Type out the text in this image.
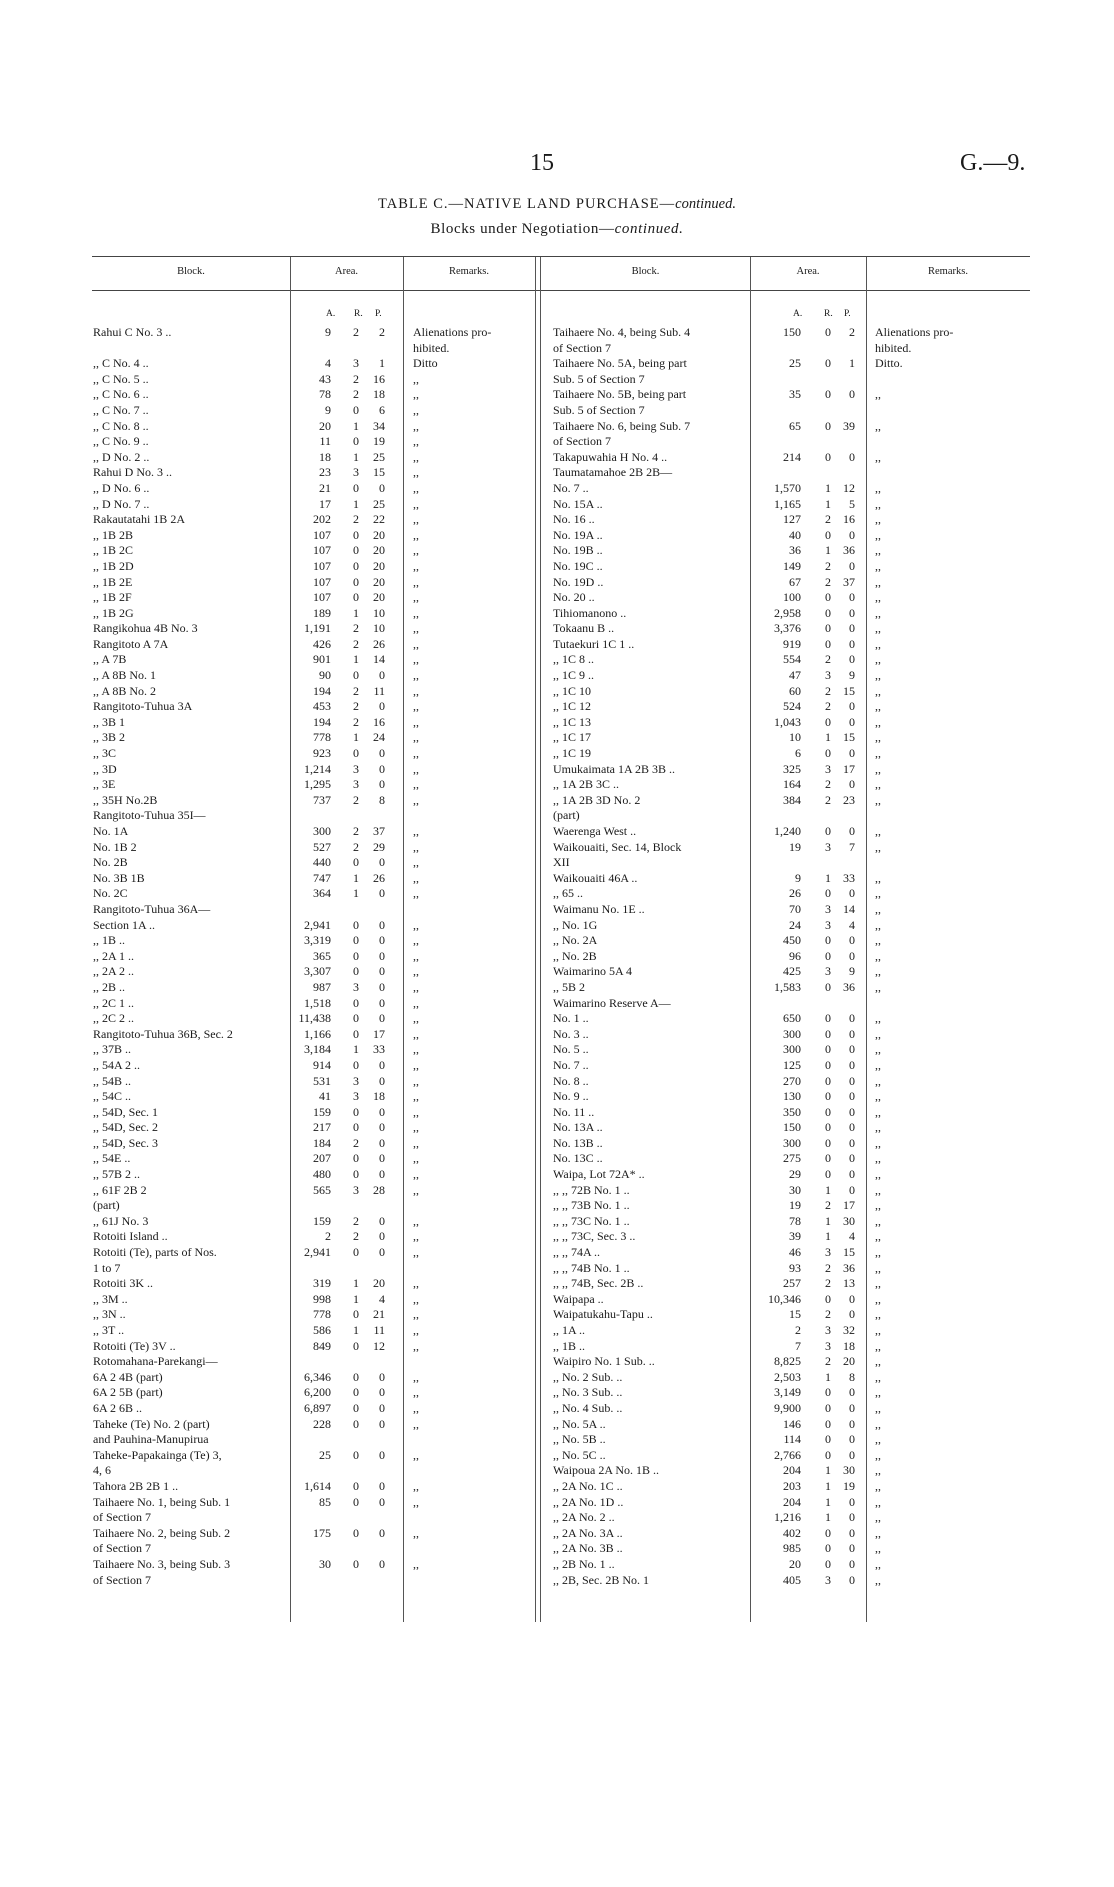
15	G.—9.
TABLE C.—NATIVE LAND PURCHASE—continued.
Blocks under Negotiation—continued.
Block.	Area.	Remarks.	Block.	Area.	Remarks.
A. R. P.	A. R. P.
Rahui C No. 3 ..	9	2	2 Alienations pro-
hibited.
,, C No. 4 ..	4	3	1 Ditto
,, C No. 5 ..	43	2	16 ,,
,, C No. 6 ..	78	2	18 ,,
,, C No. 7 ..	9	0	6 ,,
,, C No. 8 ..	20	1	34 ,,
,, C No. 9 ..	11	0	19 ,,
,, D No. 2 ..	18	1	25 ,,
Rahui D No. 3 ..	23	3	15 ,,
,, D No. 6 ..	21	0	0 ,,
,, D No. 7 ..	17	1	25 ,,
Rakautatahi 1B 2A	202	2	22 ,,
,, 1B 2B	107	0	20 ,,
,, 1B 2C	107	0	20 ,,
,, 1B 2D	107	0	20 ,,
,, 1B 2E	107	0	20 ,,
,, 1B 2F	107	0	20 ,,
,, 1B 2G	189	1	10 ,,
Rangikohua 4B No. 3	1,191	2	10 ,,
Rangitoto A 7A	426	2	26 ,,
,, A 7B	901	1	14 ,,
,, A 8B No. 1	90	0	0 ,,
,, A 8B No. 2	194	2	11 ,,
Rangitoto-Tuhua 3A	453	2	0 ,,
,, 3B 1	194	2	16 ,,
,, 3B 2	778	1	24 ,,
,, 3C	923	0	0 ,,
,, 3D	1,214	3	0 ,,
,, 3E	1,295	3	0 ,,
,, 35H No.2B	737	2	8 ,,
Rangitoto-Tuhua 35I—
No. 1A	300	2	37 ,,
No. 1B 2	527	2	29 ,,
No. 2B	440	0	0 ,,
No. 3B 1B	747	1	26 ,,
No. 2C	364	1	0 ,,
Rangitoto-Tuhua 36A—
Section 1A ..	2,941	0	0 ,,
,, 1B ..	3,319	0	0 ,,
,, 2A 1 ..	365	0	0 ,,
,, 2A 2 ..	3,307	0	0 ,,
,, 2B ..	987	3	0 ,,
,, 2C 1 ..	1,518	0	0 ,,
,, 2C 2 ..	11,438	0	0 ,,
Rangitoto-Tuhua 36B, Sec. 2	1,166	0	17 ,,
,, 37B ..	3,184	1	33 ,,
,, 54A 2 ..	914	0	0 ,,
,, 54B ..	531	3	0 ,,
,, 54C ..	41	3	18 ,,
,, 54D, Sec. 1	159	0	0 ,,
,, 54D, Sec. 2	217	0	0 ,,
,, 54D, Sec. 3	184	2	0 ,,
,, 54E ..	207	0	0 ,,
,, 57B 2 ..	480	0	0 ,,
,, 61F 2B 2	565	3	28 ,,
(part)
,, 61J No. 3	159	2	0 ,,
Rotoiti Island ..	2	2	0 ,,
Rotoiti (Te), parts of Nos.	2,941	0	0 ,,
1 to 7
Rotoiti 3K ..	319	1	20 ,,
,, 3M ..	998	1	4 ,,
,, 3N ..	778	0	21 ,,
,, 3T ..	586	1	11 ,,
Rotoiti (Te) 3V ..	849	0	12 ,,
Rotomahana-Parekangi—
6A 2 4B (part)	6,346	0	0 ,,
6A 2 5B (part)	6,200	0	0 ,,
6A 2 6B ..	6,897	0	0 ,,
Taheke (Te) No. 2 (part)	228	0	0 ,,
and Pauhina-Manupirua
Taheke-Papakainga (Te) 3,	25	0	0 ,,
4, 6
Tahora 2B 2B 1 ..	1,614	0	0 ,,
Taihaere No. 1, being Sub. 1	85	0	0 ,,
of Section 7
Taihaere No. 2, being Sub. 2	175	0	0 ,,
of Section 7
Taihaere No. 3, being Sub. 3	30	0	0 ,,
of Section 7
Taihaere No. 4, being Sub. 4	150	0	2 Alienations pro-
of Section 7	hibited.
Taihaere No. 5A, being part	25	0	1 Ditto.
Sub. 5 of Section 7
Taihaere No. 5B, being part	35	0	0 ,,
Sub. 5 of Section 7
Taihaere No. 6, being Sub. 7	65	0	39 ,,
of Section 7
Takapuwahia H No. 4 ..	214	0	0 ,,
Taumatamahoe 2B 2B—
No. 7 ..	1,570	1	12 ,,
No. 15A ..	1,165	1	5 ,,
No. 16 ..	127	2	16 ,,
No. 19A ..	40	0	0 ,,
No. 19B ..	36	1	36 ,,
No. 19C ..	149	2	0 ,,
No. 19D ..	67	2	37 ,,
No. 20 ..	100	0	0 ,,
Tihiomanono ..	2,958	0	0 ,,
Tokaanu B ..	3,376	0	0 ,,
Tutaekuri 1C 1 ..	919	0	0 ,,
,, 1C 8 ..	554	2	0 ,,
,, 1C 9 ..	47	3	9 ,,
,, 1C 10	60	2	15 ,,
,, 1C 12	524	2	0 ,,
,, 1C 13	1,043	0	0 ,,
,, 1C 17	10	1	15 ,,
,, 1C 19	6	0	0 ,,
Umukaimata 1A 2B 3B ..	325	3	17 ,,
,, 1A 2B 3C ..	164	2	0 ,,
,, 1A 2B 3D No. 2	384	2	23 ,,
(part)
Waerenga West ..	1,240	0	0 ,,
Waikouaiti, Sec. 14, Block	19	3	7 ,,
XII
Waikouaiti 46A ..	9	1	33 ,,
,, 65 ..	26	0	0 ,,
Waimanu No. 1E ..	70	3	14 ,,
,, No. 1G	24	3	4 ,,
,, No. 2A	450	0	0 ,,
,, No. 2B	96	0	0 ,,
Waimarino 5A 4	425	3	9 ,,
,, 5B 2	1,583	0	36 ,,
Waimarino Reserve A—
No. 1 ..	650	0	0 ,,
No. 3 ..	300	0	0 ,,
No. 5 ..	300	0	0 ,,
No. 7 ..	125	0	0 ,,
No. 8 ..	270	0	0 ,,
No. 9 ..	130	0	0 ,,
No. 11 ..	350	0	0 ,,
No. 13A ..	150	0	0 ,,
No. 13B ..	300	0	0 ,,
No. 13C ..	275	0	0 ,,
Waipa, Lot 72A* ..	29	0	0 ,,
,, ,, 72B No. 1 ..	30	1	0 ,,
,, ,, 73B No. 1 ..	19	2	17 ,,
,, ,, 73C No. 1 ..	78	1	30 ,,
,, ,, 73C, Sec. 3 ..	39	1	4 ,,
,, ,, 74A ..	46	3	15 ,,
,, ,, 74B No. 1 ..	93	2	36 ,,
,, ,, 74B, Sec. 2B ..	257	2	13 ,,
Waipapa ..	10,346	0	0 ,,
Waipatukahu-Tapu ..	15	2	0 ,,
,, 1A ..	2	3	32 ,,
,, 1B ..	7	3	18 ,,
Waipiro No. 1 Sub. ..	8,825	2	20 ,,
,, No. 2 Sub. ..	2,503	1	8 ,,
,, No. 3 Sub. ..	3,149	0	0 ,,
,, No. 4 Sub. ..	9,900	0	0 ,,
,, No. 5A ..	146	0	0 ,,
,, No. 5B ..	114	0	0 ,,
,, No. 5C ..	2,766	0	0 ,,
Waipoua 2A No. 1B ..	204	1	30 ,,
,, 2A No. 1C ..	203	1	19 ,,
,, 2A No. 1D ..	204	1	0 ,,
,, 2A No. 2 ..	1,216	1	0 ,,
,, 2A No. 3A ..	402	0	0 ,,
,, 2A No. 3B ..	985	0	0 ,,
,, 2B No. 1 ..	20	0	0 ,,
,, 2B, Sec. 2B No. 1	405	3	0 ,,
